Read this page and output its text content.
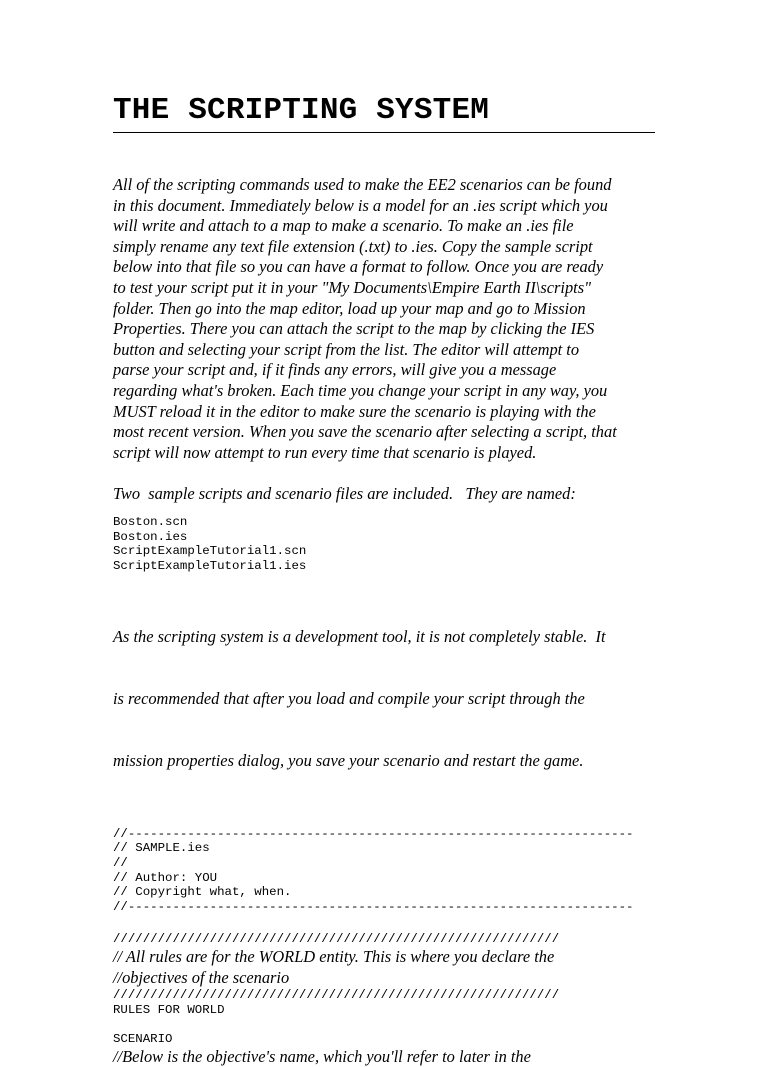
THE SCRIPTING SYSTEM
All of the scripting commands used to make the EE2 scenarios can be found
in this document. Immediately below is a model for an .ies script which you
will write and attach to a map to make a scenario. To make an .ies file
simply rename any text file extension (.txt) to .ies. Copy the sample script
below into that file so you can have a format to follow. Once you are ready
to test your script put it in your "My Documents\Empire Earth II\scripts"
folder. Then go into the map editor, load up your map and go to Mission
Properties. There you can attach the script to the map by clicking the IES
button and selecting your script from the list. The editor will attempt to
parse your script and, if it finds any errors, will give you a message
regarding what's broken. Each time you change your script in any way, you
MUST reload it in the editor to make sure the scenario is playing with the
most recent version. When you save the scenario after selecting a script, that
script will now attempt to run every time that scenario is played.
Two  sample scripts and scenario files are included.   They are named:
Boston.scn
Boston.ies
ScriptExampleTutorial1.scn
ScriptExampleTutorial1.ies

As the scripting system is a development tool, it is not completely stable.  It

is recommended that after you load and compile your script through the

mission properties dialog, you save your scenario and restart the game.

//--------------------------------------------------------------------
// SAMPLE.ies
//
// Author: YOU
// Copyright what, when.
//--------------------------------------------------------------------
////////////////////////////////////////////////////////////
// All rules are for the WORLD entity. This is where you declare the
//objectives of the scenario
////////////////////////////////////////////////////////////
RULES FOR WORLD
SCENARIO
//Below is the objective's name, which you'll refer to later in the
